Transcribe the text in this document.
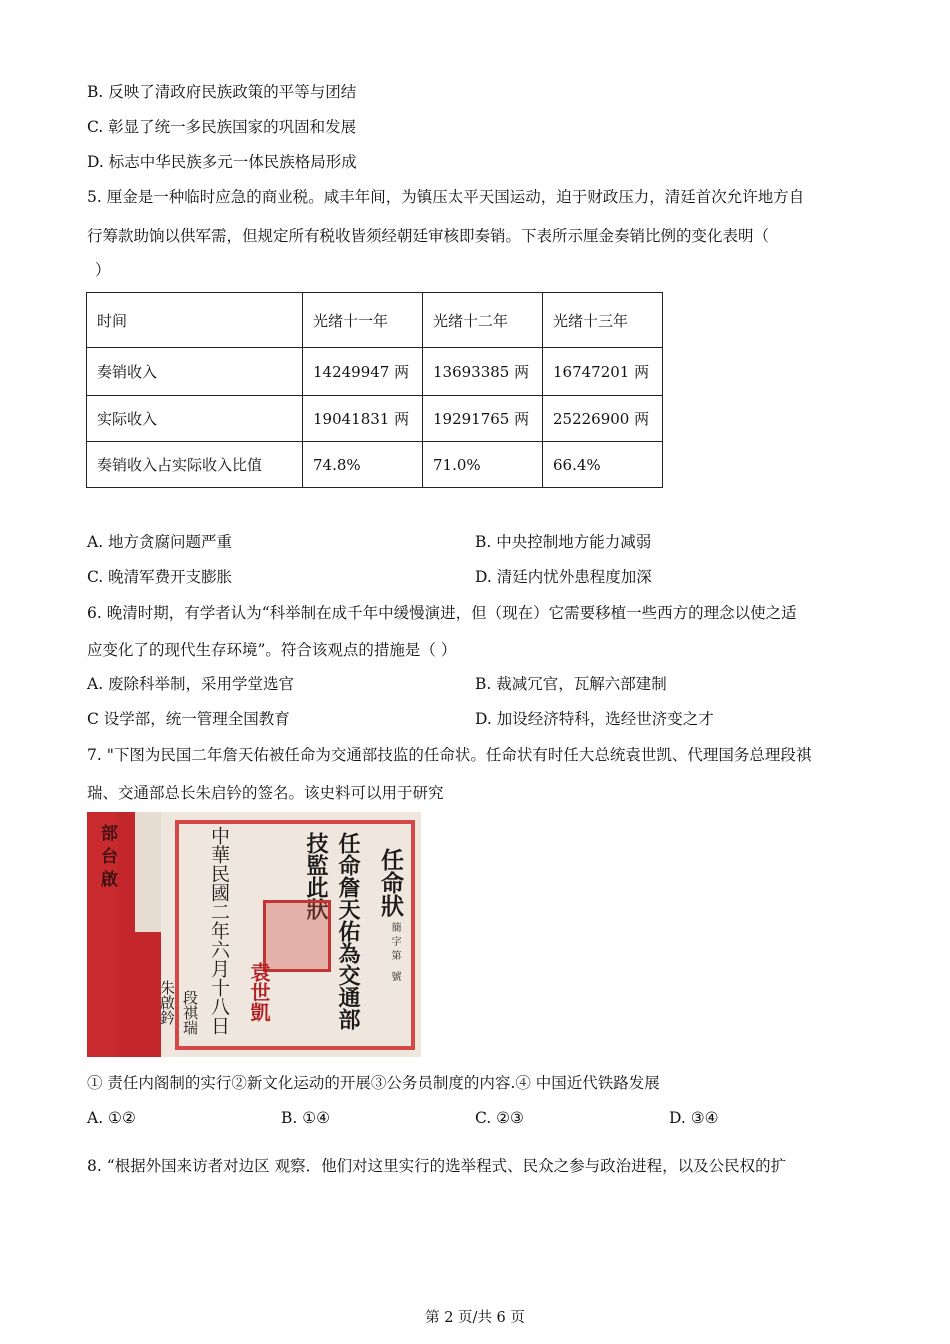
B. 反映了清政府民族政策的平等与团结
C. 彰显了统一多民族国家的巩固和发展
D. 标志中华民族多元一体民族格局形成
5. 厘金是一种临时应急的商业税。咸丰年间，为镇压太平天国运动，迫于财政压力，清廷首次允许地方自
行筹款助饷以供军需，但规定所有税收皆须经朝廷审核即奏销。下表所示厘金奏销比例的变化表明（
）
时间	光绪十一年	光绪十二年	光绪十三年
奏销收入	14249947 两	13693385 两	16747201 两
实际收入	19041831 两	19291765 两	25226900 两
奏销收入占实际收入比值	74.8%	71.0%	66.4%
A. 地方贪腐问题严重	B. 中央控制地方能力减弱
C. 晚清军费开支膨胀	D. 清廷内忧外患程度加深
6. 晚清时期，有学者认为“科举制在成千年中缓慢演进，但（现在）它需要移植一些西方的理念以使之适
应变化了的现代生存环境”。符合该观点的措施是（ ）
A. 废除科举制，采用学堂选官	B. 裁减冗官，瓦解六部建制
C 设学部，统一管理全国教育	D. 加设经济特科，选经世济变之才
7. "下图为民国二年詹天佑被任命为交通部技监的任命状。任命状有时任大总统袁世凯、代理国务总理段祺
瑞、交通部总长朱启钤的签名。该史料可以用于研究
部 台 啟	任命狀
簡字第 號
任命詹天佑為交通部
技監此狀
中華民國二年六月十八日 袁世凱
段祺瑞
朱啟鈐
① 责任内阁制的实行②新文化运动的开展③公务员制度的内容.④ 中国近代铁路发展
A. ①②	B. ①④	C. ②③	D. ③④
8. “根据外国来访者对边区 观察．他们对这里实行的选举程式、民众之参与政治进程，以及公民权的扩
第 2 页/共 6 页
